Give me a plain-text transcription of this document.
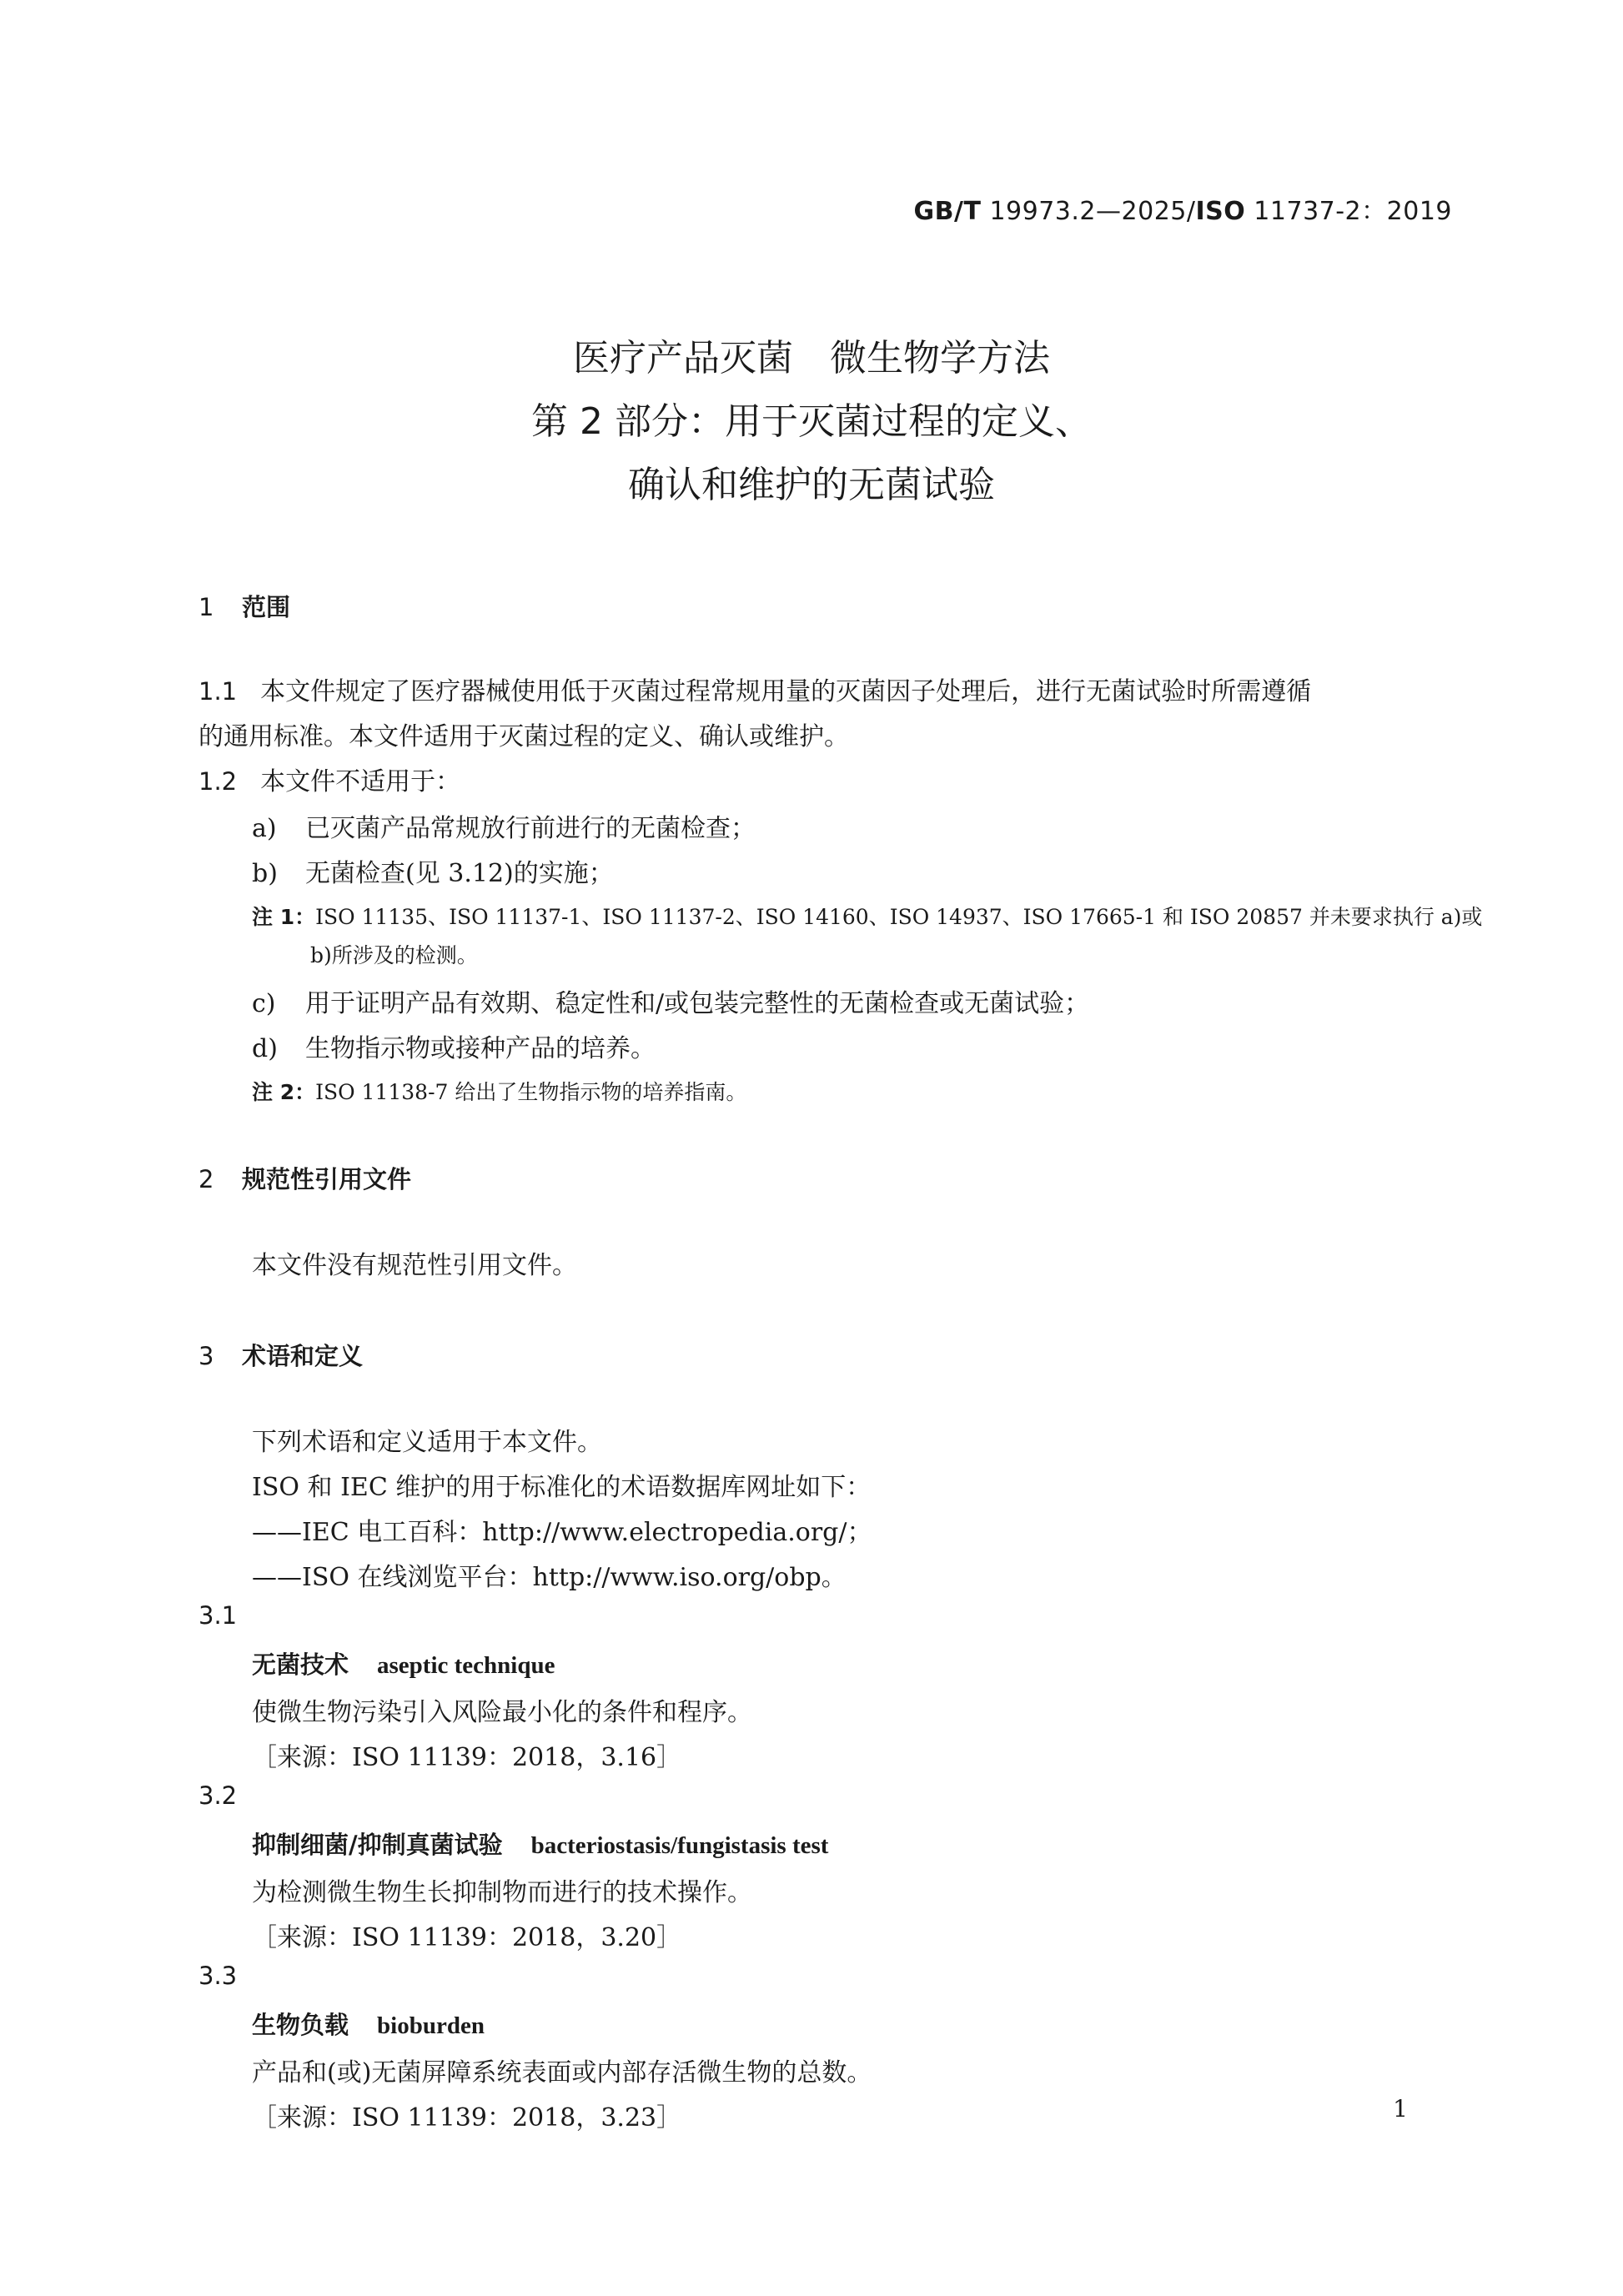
GB/T 19973.2—2025/ISO 11737-2：2019
医疗产品灭菌　微生物学方法
第 2 部分：用于灭菌过程的定义、
确认和维护的无菌试验
1 范围
1.1 本文件规定了医疗器械使用低于灭菌过程常规用量的灭菌因子处理后，进行无菌试验时所需遵循
的通用标准。本文件适用于灭菌过程的定义、确认或维护。
1.2 本文件不适用于：
a) 已灭菌产品常规放行前进行的无菌检查；
b) 无菌检查(见 3.12)的实施；
注 1：ISO 11135、ISO 11137-1、ISO 11137-2、ISO 14160、ISO 14937、ISO 17665-1 和 ISO 20857 并未要求执行 a)或
b)所涉及的检测。
c) 用于证明产品有效期、稳定性和/或包装完整性的无菌检查或无菌试验；
d) 生物指示物或接种产品的培养。
注 2：ISO 11138-7 给出了生物指示物的培养指南。
2 规范性引用文件
本文件没有规范性引用文件。
3 术语和定义
下列术语和定义适用于本文件。
ISO 和 IEC 维护的用于标准化的术语数据库网址如下：
——IEC 电工百科：http://www.electropedia.org/；
——ISO 在线浏览平台：http://www.iso.org/obp。
3.1
无菌技术 aseptic technique
使微生物污染引入风险最小化的条件和程序。
［来源：ISO 11139：2018，3.16］
3.2
抑制细菌/抑制真菌试验 bacteriostasis/fungistasis test
为检测微生物生长抑制物而进行的技术操作。
［来源：ISO 11139：2018，3.20］
3.3
生物负载 bioburden
产品和(或)无菌屏障系统表面或内部存活微生物的总数。
［来源：ISO 11139：2018，3.23］	1
